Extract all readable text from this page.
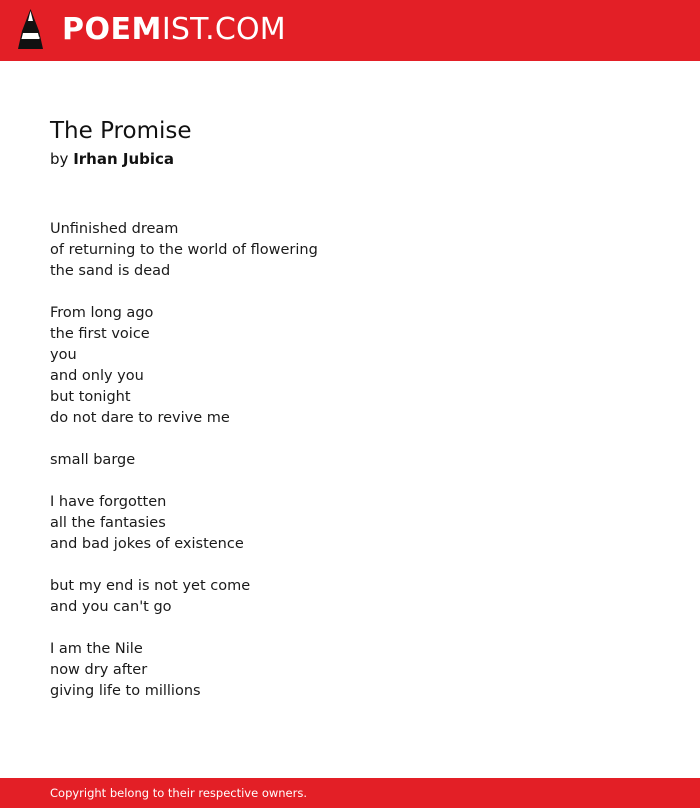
POEMIST.COM
The Promise
by Irhan Jubica
Unfinished dream
of returning to the world of flowering
the sand is dead
From long ago
the first voice
you
and only you
but tonight
do not dare to revive me
small barge
I have forgotten
all the fantasies
and bad jokes of existence
but my end is not yet come
and you can't go
I am the Nile
now dry after
giving life to millions
Copyright belong to their respective owners.
